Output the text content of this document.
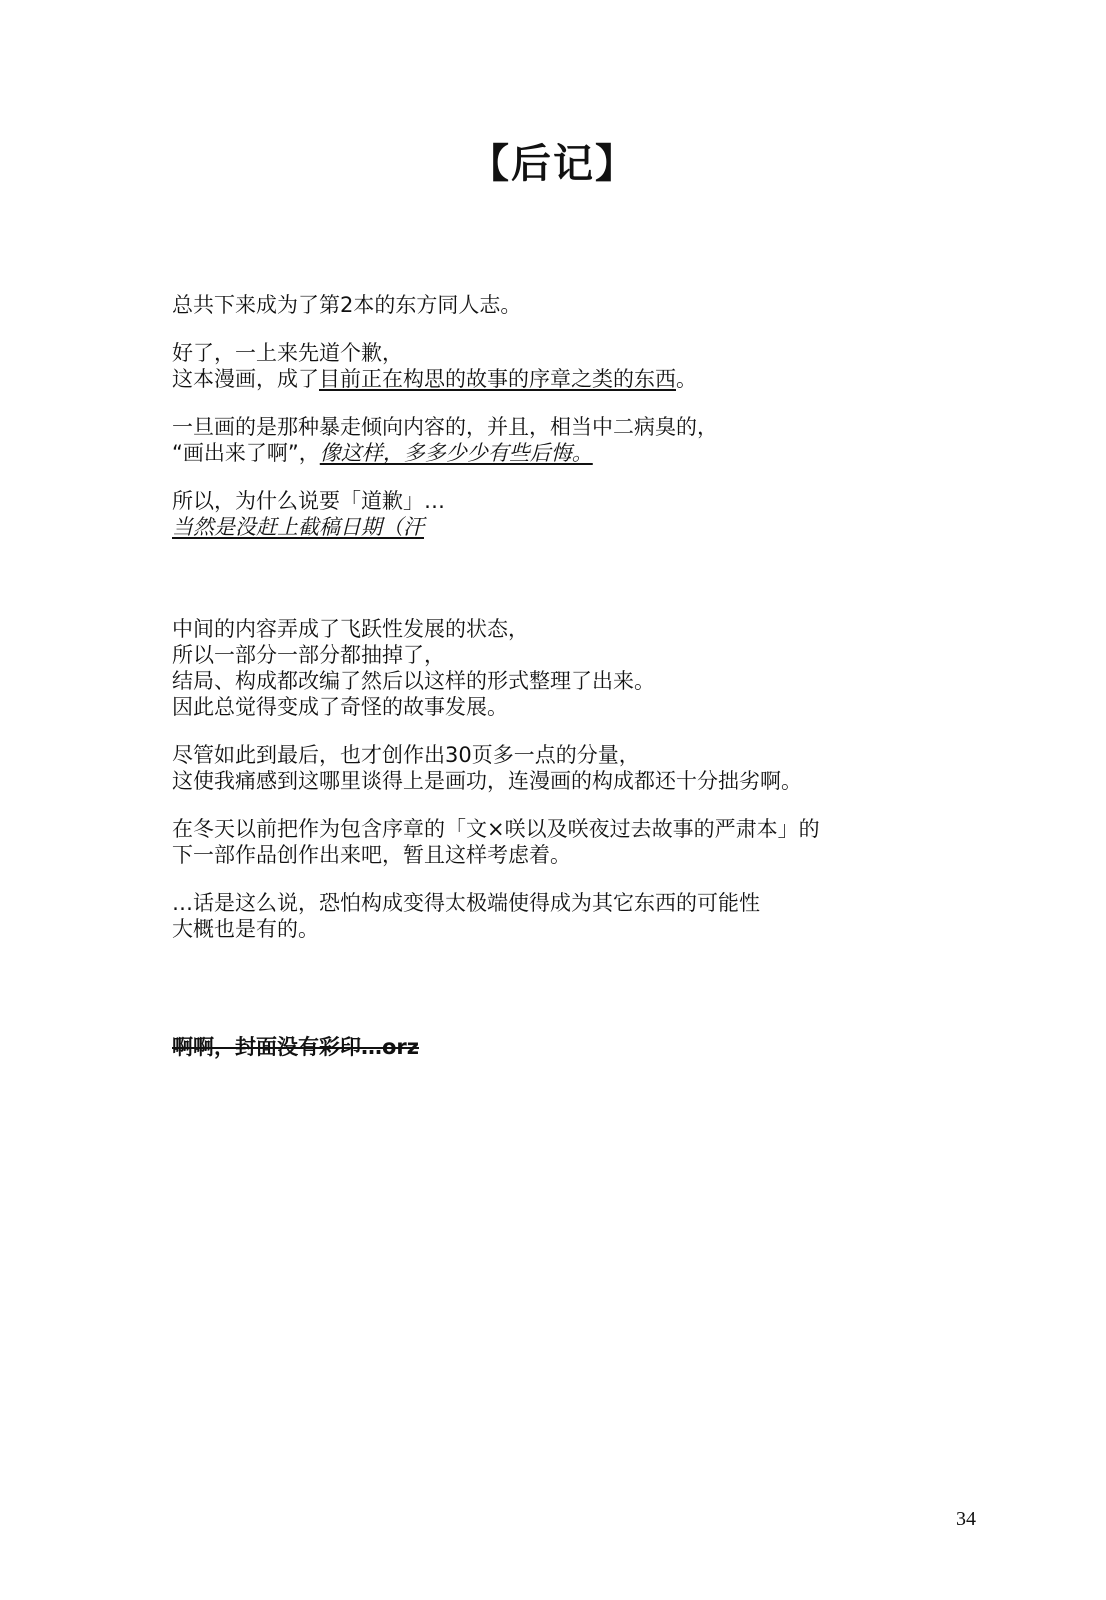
【后记】

总共下来成为了第2本的东方同人志。

好了，一上来先道个歉，
这本漫画，成了目前正在构思的故事的序章之类的东西。

一旦画的是那种暴走倾向内容的，并且，相当中二病臭的，
“画出来了啊”，像这样，多多少少有些后悔。

所以，为什么说要「道歉」…
当然是没赶上截稿日期（汗

中间的内容弄成了飞跃性发展的状态，
所以一部分一部分都抽掉了，
结局、构成都改编了然后以这样的形式整理了出来。
因此总觉得变成了奇怪的故事发展。

尽管如此到最后，也才创作出30页多一点的分量，
这使我痛感到这哪里谈得上是画功，连漫画的构成都还十分拙劣啊。

在冬天以前把作为包含序章的「文×咲以及咲夜过去故事的严肃本」的
下一部作品创作出来吧，暂且这样考虑着。

…话是这么说，恐怕构成变得太极端使得成为其它东西的可能性
大概也是有的。

啊啊，封面没有彩印…orz

34
